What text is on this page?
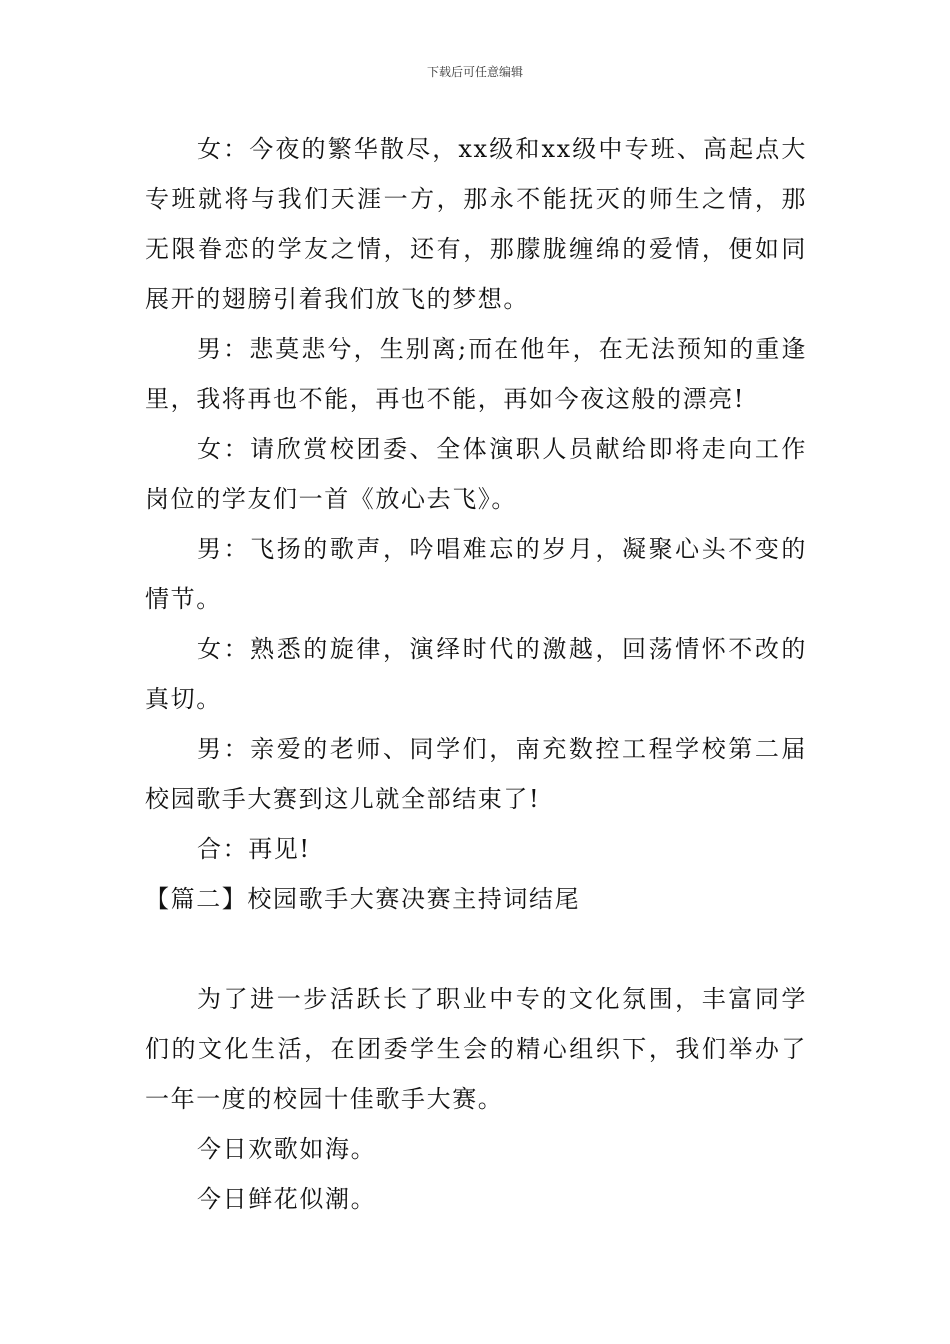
下载后可任意编辑

女：今夜的繁华散尽，xx级和xx级中专班、高起点大专班就将与我们天涯一方，那永不能抚灭的师生之情，那无限眷恋的学友之情，还有，那朦胧缠绵的爱情，便如同展开的翅膀引着我们放飞的梦想。

男：悲莫悲兮，生别离;而在他年，在无法预知的重逢里，我将再也不能，再也不能，再如今夜这般的漂亮!

女：请欣赏校团委、全体演职人员献给即将走向工作岗位的学友们一首《放心去飞》。

男：飞扬的歌声，吟唱难忘的岁月，凝聚心头不变的情节。

女：熟悉的旋律，演绎时代的激越，回荡情怀不改的真切。

男：亲爱的老师、同学们，南充数控工程学校第二届校园歌手大赛到这儿就全部结束了!

合：再见!

【篇二】校园歌手大赛决赛主持词结尾

为了进一步活跃长了职业中专的文化氛围，丰富同学们的文化生活，在团委学生会的精心组织下，我们举办了一年一度的校园十佳歌手大赛。

今日欢歌如海。

今日鲜花似潮。
